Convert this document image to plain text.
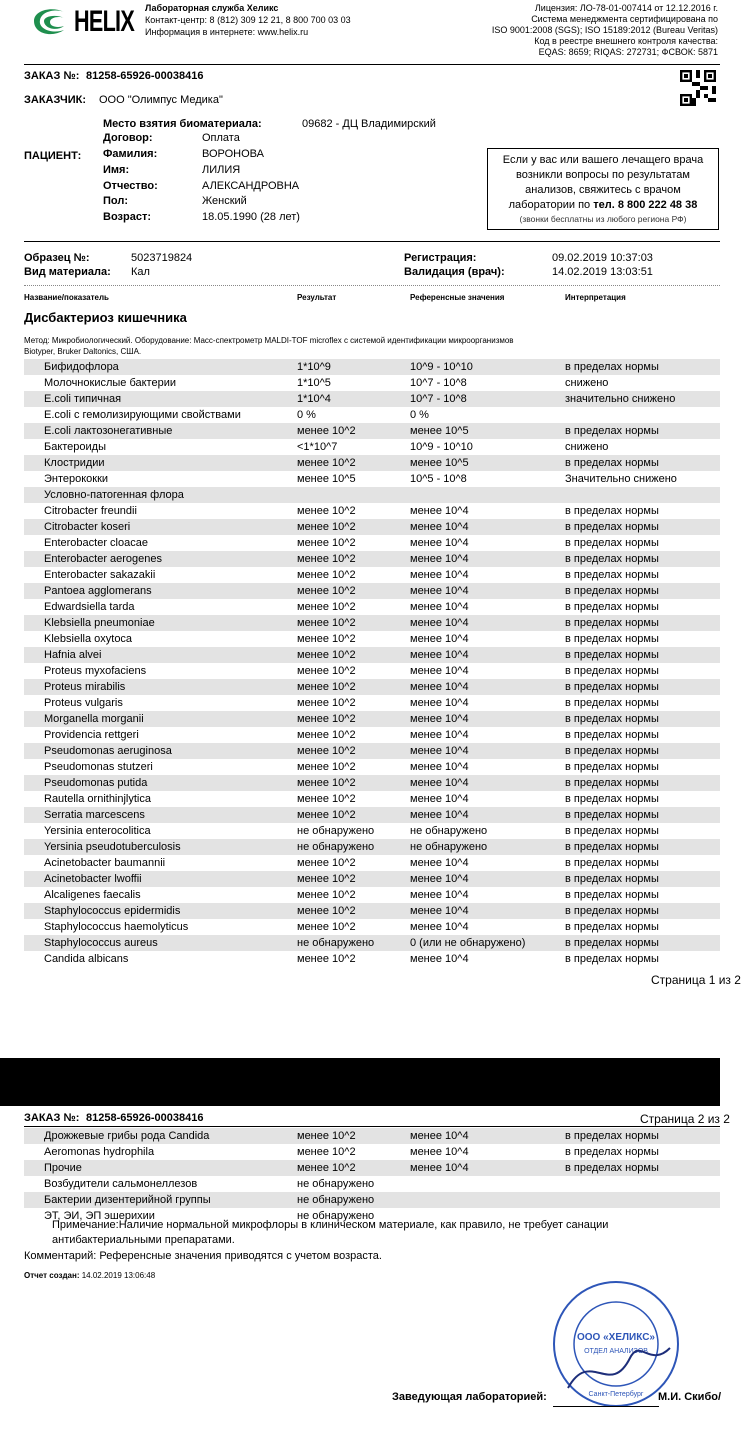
HELIX Лабораторная служба Хеликс
Контакт-центр: 8 (812) 309 12 21, 8 800 700 03 03
Информация в интернете: www.helix.ru
Лицензия: ЛО-78-01-007414 от 12.12.2016 г.
Система менеджмента сертифицирована по
ISO 9001:2008 (SGS); ISO 15189:2012 (Bureau Veritas)
Код в реестре внешнего контроля качества:
EQAS: 8659; RIQAS: 272731; ФСВОК: 5871
ЗАКАЗ №: 81258-65926-00038416
ЗАКАЗЧИК: ООО "Олимпус Медика"
ПАЦИЕНТ:
Место взятия биоматериала:	09682 - ДЦ Владимирский
Договор:	Оплата
Фамилия:	ВОРОНОВА
Имя:	ЛИЛИЯ
Отчество:	АЛЕКСАНДРОВНА
Пол:	Женский
Возраст:	18.05.1990 (28 лет)
Если у вас или вашего лечащего врача
возникли вопросы по результатам
анализов, свяжитесь с врачом
лаборатории по тел. 8 800 222 48 38
(звонки бесплатны из любого региона РФ)
Образец №:	5023719824
Вид материала: Кал
Регистрация:	09.02.2019 10:37:03
Валидация (врач):	14.02.2019 13:03:51
Название/показатель	Результат	Референсные значения	Интерпретация
Дисбактериоз кишечника
Метод: Микробиологический. Оборудование: Масс-спектрометр MALDI-TOF microflex с системой идентификации микроорганизмов
Biotyper, Bruker Daltonics, США.
Бифидофлора	1*10^9	10^9 - 10^10	в пределах нормы
Молочнокислые бактерии	1*10^5	10^7 - 10^8	снижено
E.coli типичная	1*10^4	10^7 - 10^8	значительно снижено
E.coli с гемолизирующими свойствами	0 %	0 %
E.coli лактозонегативные	менее 10^2	менее 10^5	в пределах нормы
Бактероиды	<1*10^7	10^9 - 10^10	снижено
Клостридии	менее 10^2	менее 10^5	в пределах нормы
Энтерококки	менее 10^5	10^5 - 10^8	Значительно снижено
Условно-патогенная флора
Citrobacter freundii	менее 10^2	менее 10^4	в пределах нормы
Citrobacter koseri	менее 10^2	менее 10^4	в пределах нормы
Enterobacter cloacae	менее 10^2	менее 10^4	в пределах нормы
Enterobacter aerogenes	менее 10^2	менее 10^4	в пределах нормы
Enterobacter sakazakii	менее 10^2	менее 10^4	в пределах нормы
Pantoea agglomerans	менее 10^2	менее 10^4	в пределах нормы
Edwardsiella tarda	менее 10^2	менее 10^4	в пределах нормы
Klebsiella pneumoniae	менее 10^2	менее 10^4	в пределах нормы
Klebsiella oxytoca	менее 10^2	менее 10^4	в пределах нормы
Hafnia alvei	менее 10^2	менее 10^4	в пределах нормы
Proteus myxofaciens	менее 10^2	менее 10^4	в пределах нормы
Proteus mirabilis	менее 10^2	менее 10^4	в пределах нормы
Proteus vulgaris	менее 10^2	менее 10^4	в пределах нормы
Morganella morganii	менее 10^2	менее 10^4	в пределах нормы
Providencia rettgeri	менее 10^2	менее 10^4	в пределах нормы
Pseudomonas aeruginosa	менее 10^2	менее 10^4	в пределах нормы
Pseudomonas stutzeri	менее 10^2	менее 10^4	в пределах нормы
Pseudomonas putida	менее 10^2	менее 10^4	в пределах нормы
Rautella ornithinjlytica	менее 10^2	менее 10^4	в пределах нормы
Serratia marcescens	менее 10^2	менее 10^4	в пределах нормы
Yersinia enterocolitica	не обнаружено	не обнаружено	в пределах нормы
Yersinia pseudotuberculosis	не обнаружено	не обнаружено	в пределах нормы
Acinetobacter baumannii	менее 10^2	менее 10^4	в пределах нормы
Acinetobacter lwoffii	менее 10^2	менее 10^4	в пределах нормы
Alcaligenes faecalis	менее 10^2	менее 10^4	в пределах нормы
Staphylococcus epidermidis	менее 10^2	менее 10^4	в пределах нормы
Staphylococcus haemolyticus	менее 10^2	менее 10^4	в пределах нормы
Staphylococcus aureus	не обнаружено	0 (или не обнаружено)	в пределах нормы
Candida albicans	менее 10^2	менее 10^4	в пределах нормы
Страница 1 из 2
ЗАКАЗ №: 81258-65926-00038416	Страница 2 из 2
Дрожжевые грибы рода Candida	менее 10^2	менее 10^4	в пределах нормы
Aeromonas hydrophila	менее 10^2	менее 10^4	в пределах нормы
Прочие	менее 10^2	менее 10^4	в пределах нормы
Возбудители сальмонеллезов	не обнаружено
Бактерии дизентерийной группы	не обнаружено
ЭТ, ЭИ, ЭП эшерихии	не обнаружено
Примечание:Наличие нормальной микрофлоры в клиническом материале, как правило, не требует санации
антибактериальными препаратами.
Комментарий: Референсные значения приводятся с учетом возраста.
Отчет создан: 14.02.2019 13:06:48
ООО «ХЕЛИКС»
ОТДЕЛ АНАЛИЗОВ
Санкт-Петербург
Заведующая лабораторией:	М.И. Скибо/
